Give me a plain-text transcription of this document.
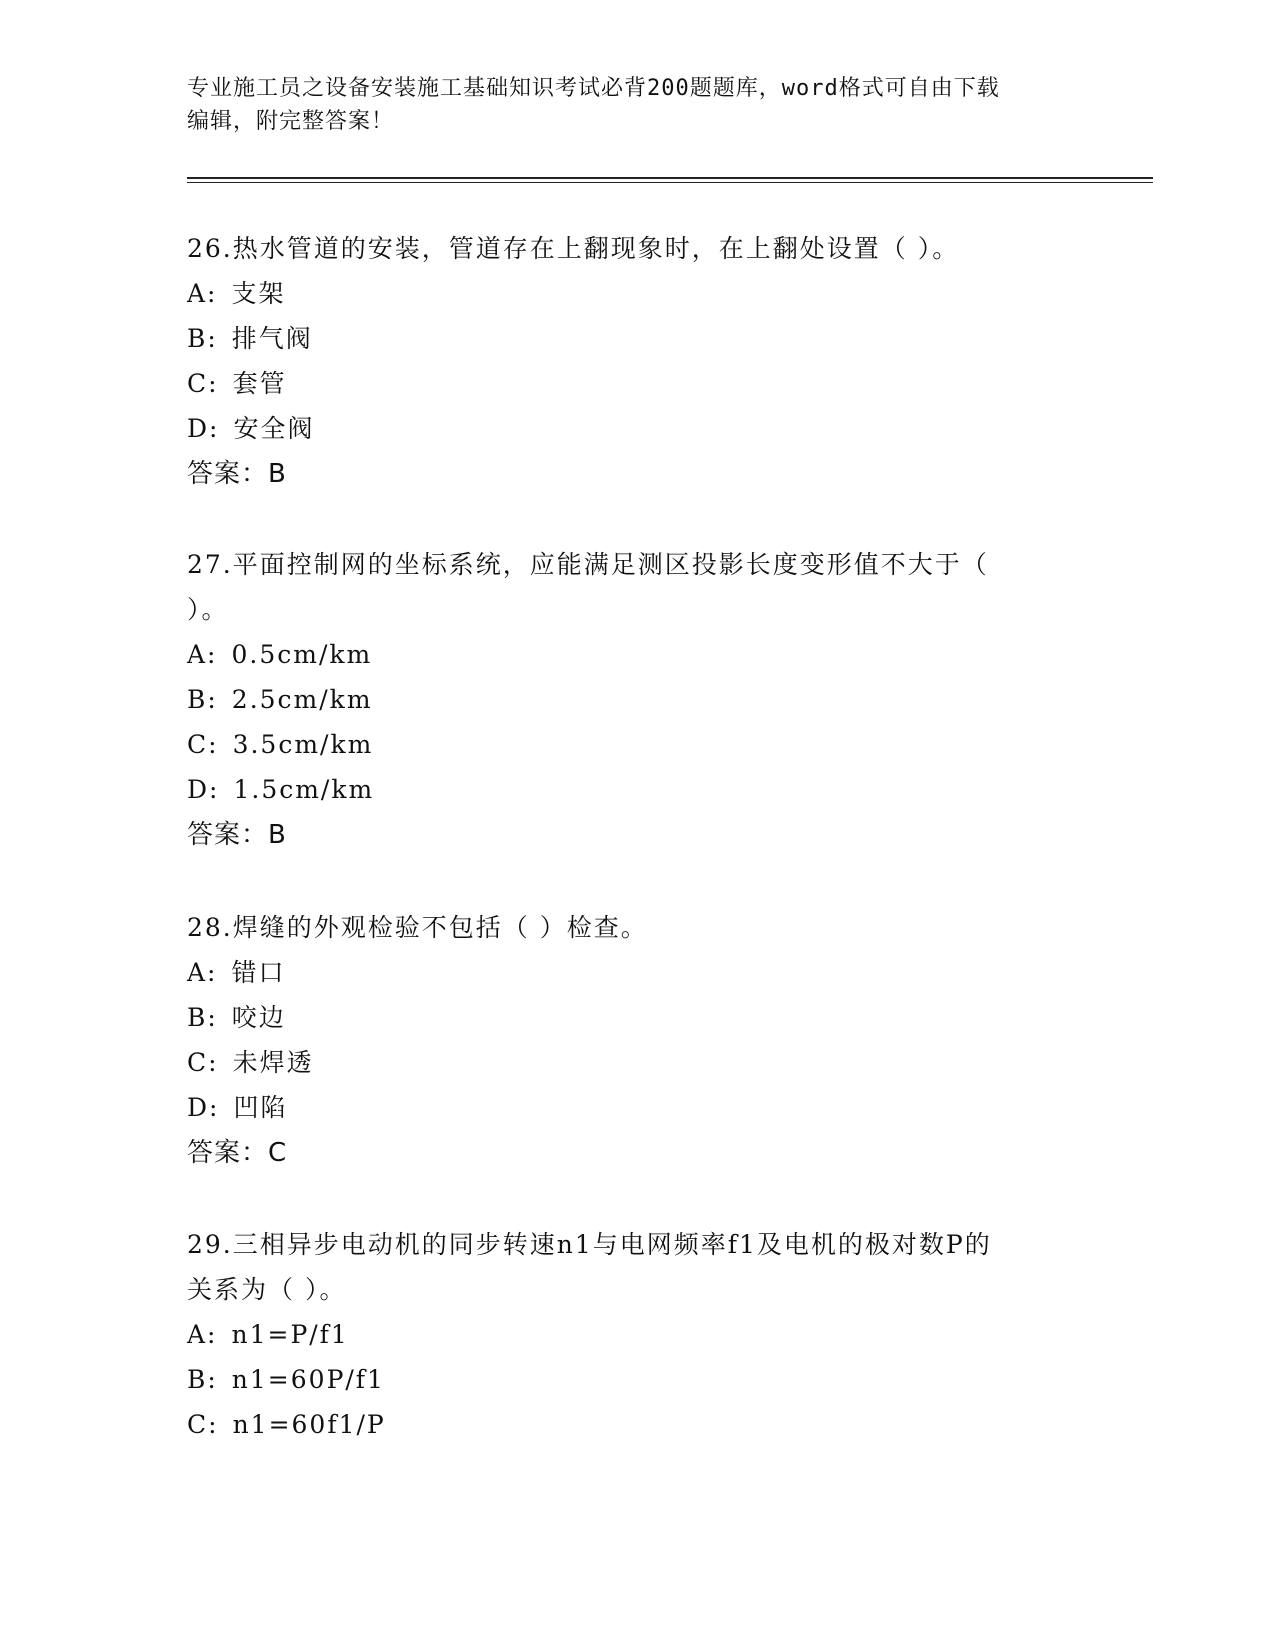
专业施工员之设备安装施工基础知识考试必背200题题库，word格式可自由下载
编辑，附完整答案！

26.热水管道的安装，管道存在上翻现象时，在上翻处设置（ ）。

A: 支架

B: 排气阀

C: 套管

D: 安全阀

答案：B

27.平面控制网的坐标系统，应能满足测区投影长度变形值不大于（

）。

A: 0.5cm/km

B: 2.5cm/km

C: 3.5cm/km

D: 1.5cm/km

答案：B

28.焊缝的外观检验不包括（ ）检查。

A: 错口

B: 咬边

C: 未焊透

D: 凹陷

答案：C

29.三相异步电动机的同步转速n1与电网频率f1及电机的极对数P的

关系为（ ）。

A: n1=P/f1

B: n1=60P/f1

C: n1=60f1/P
